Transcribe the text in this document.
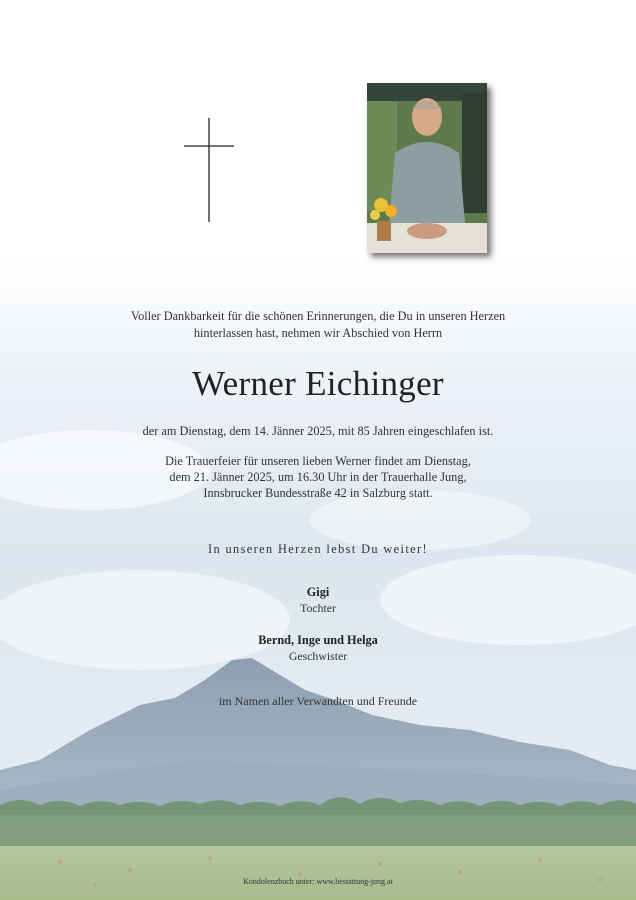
Voller Dankbarkeit für die schönen Erinnerungen, die Du in unseren Herzen
hinterlassen hast, nehmen wir Abschied von Herrn
Werner Eichinger
der am Dienstag, dem 14. Jänner 2025, mit 85 Jahren eingeschlafen ist.
Die Trauerfeier für unseren lieben Werner findet am Dienstag,
dem 21. Jänner 2025, um 16.30 Uhr in der Trauerhalle Jung,
Innsbrucker Bundesstraße 42 in Salzburg statt.
In unseren Herzen lebst Du weiter!
Gigi
Tochter
Bernd, Inge und Helga
Geschwister
im Namen aller Verwandten und Freunde
Kondolenzbuch unter: www.bestattung-jung.at
